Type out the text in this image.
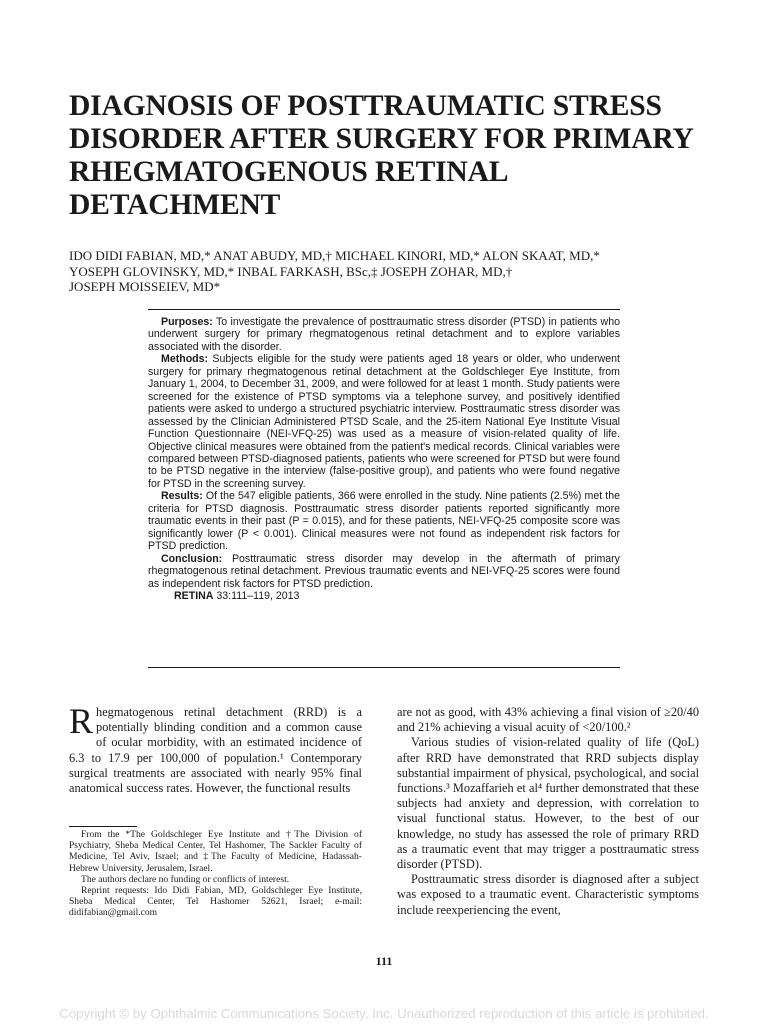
DIAGNOSIS OF POSTTRAUMATIC STRESS DISORDER AFTER SURGERY FOR PRIMARY RHEGMATOGENOUS RETINAL DETACHMENT
IDO DIDI FABIAN, MD,* ANAT ABUDY, MD,† MICHAEL KINORI, MD,* ALON SKAAT, MD,*
YOSEPH GLOVINSKY, MD,* INBAL FARKASH, BSc,‡ JOSEPH ZOHAR, MD,†
JOSEPH MOISSEIEV, MD*

Purposes: To investigate the prevalence of posttraumatic stress disorder (PTSD) in patients who underwent surgery for primary rhegmatogenous retinal detachment and to explore variables associated with the disorder.

Methods: Subjects eligible for the study were patients aged 18 years or older, who underwent surgery for primary rhegmatogenous retinal detachment at the Goldschleger Eye Institute, from January 1, 2004, to December 31, 2009, and were followed for at least 1 month. Study patients were screened for the existence of PTSD symptoms via a telephone survey, and positively identified patients were asked to undergo a structured psychiatric interview. Posttraumatic stress disorder was assessed by the Clinician Administered PTSD Scale, and the 25-item National Eye Institute Visual Function Questionnaire (NEI-VFQ-25) was used as a measure of vision-related quality of life. Objective clinical measures were obtained from the patient's medical records. Clinical variables were compared between PTSD-diagnosed patients, patients who were screened for PTSD but were found to be PTSD negative in the interview (false-positive group), and patients who were found negative for PTSD in the screening survey.

Results: Of the 547 eligible patients, 366 were enrolled in the study. Nine patients (2.5%) met the criteria for PTSD diagnosis. Posttraumatic stress disorder patients reported significantly more traumatic events in their past (P = 0.015), and for these patients, NEI-VFQ-25 composite score was significantly lower (P < 0.001). Clinical measures were not found as independent risk factors for PTSD prediction.

Conclusion: Posttraumatic stress disorder may develop in the aftermath of primary rhegmatogenous retinal detachment. Previous traumatic events and NEI-VFQ-25 scores were found as independent risk factors for PTSD prediction.

RETINA 33:111–119, 2013

Rhegmatogenous retinal detachment (RRD) is a potentially blinding condition and a common cause of ocular morbidity, with an estimated incidence of 6.3 to 17.9 per 100,000 of population.¹ Contemporary surgical treatments are associated with nearly 95% final anatomical success rates. However, the functional results

are not as good, with 43% achieving a final vision of ≥20/40 and 21% achieving a visual acuity of <20/100.²

Various studies of vision-related quality of life (QoL) after RRD have demonstrated that RRD subjects display substantial impairment of physical, psychological, and social functions.³ Mozaffarieh et al⁴ further demonstrated that these subjects had anxiety and depression, with correlation to visual functional status. However, to the best of our knowledge, no study has assessed the role of primary RRD as a traumatic event that may trigger a posttraumatic stress disorder (PTSD).

Posttraumatic stress disorder is diagnosed after a subject was exposed to a traumatic event. Characteristic symptoms include reexperiencing the event,

From the *The Goldschleger Eye Institute and †The Division of Psychiatry, Sheba Medical Center, Tel Hashomer, The Sackler Faculty of Medicine, Tel Aviv, Israel; and ‡The Faculty of Medicine, Hadassah-Hebrew University, Jerusalem, Israel.

The authors declare no funding or conflicts of interest.

Reprint requests: Ido Didi Fabian, MD, Goldschleger Eye Institute, Sheba Medical Center, Tel Hashomer 52621, Israel; e-mail: didifabian@gmail.com

111
Copyright © by Ophthalmic Communications Society, Inc. Unauthorized reproduction of this article is prohibited.
